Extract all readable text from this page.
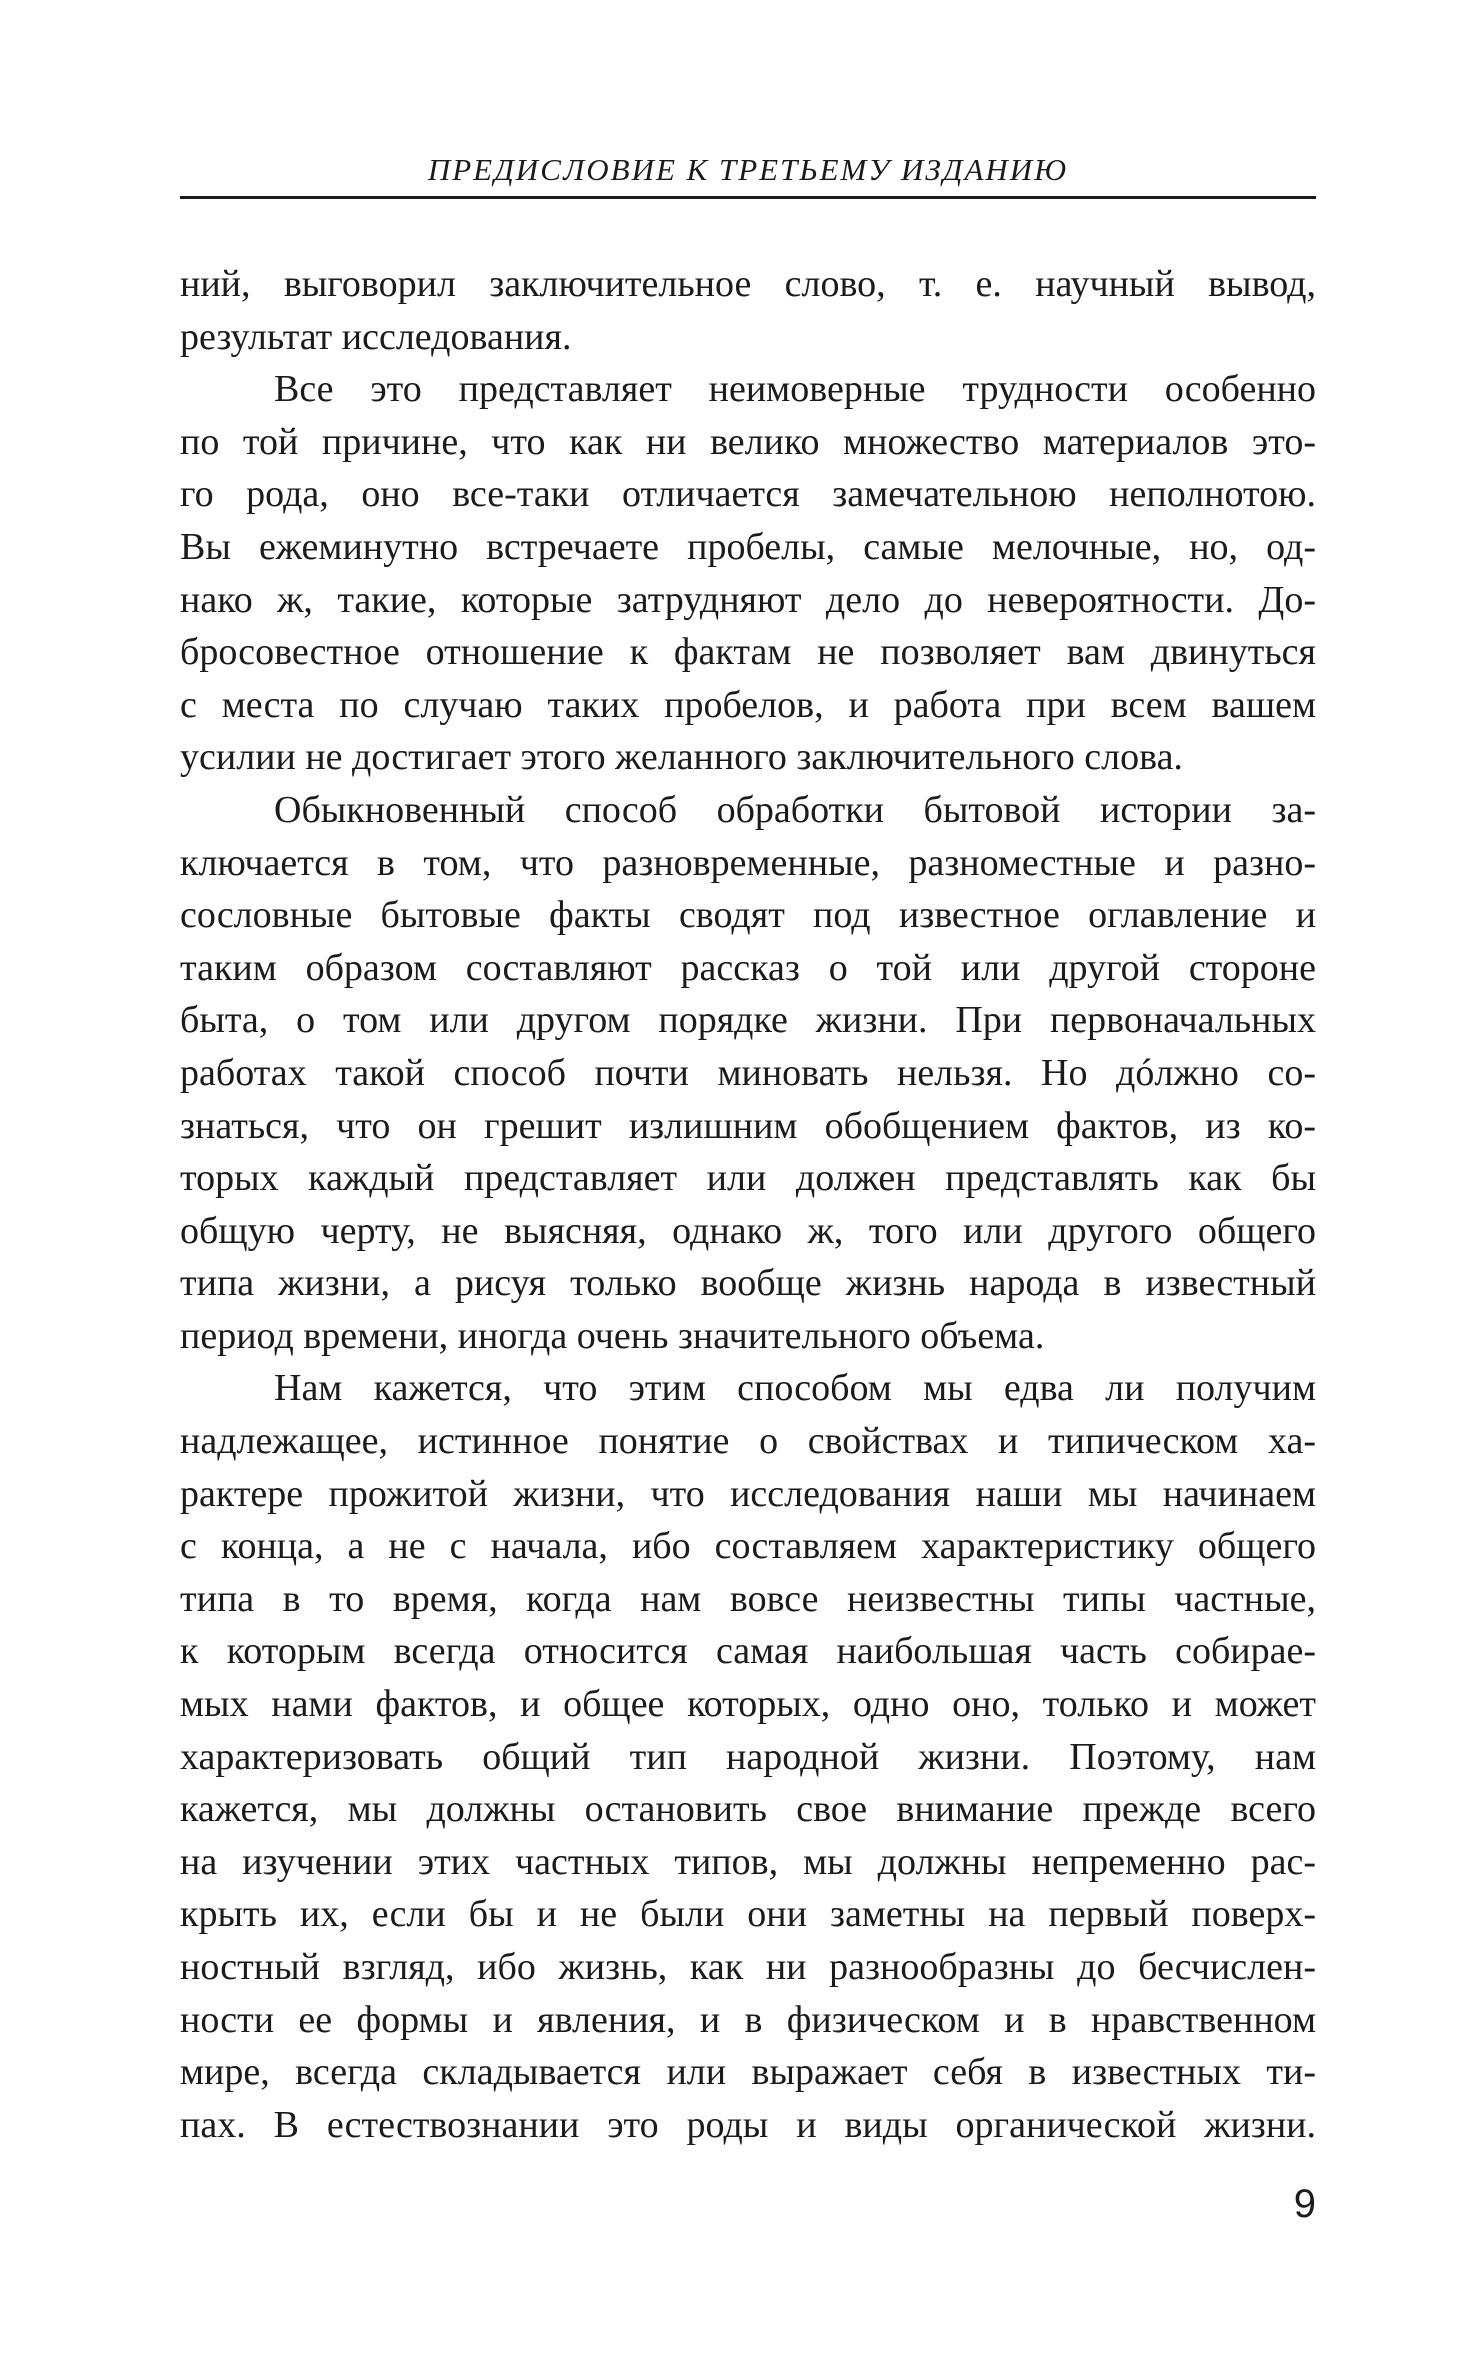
ПРЕДИСЛОВИЕ К ТРЕТЬЕМУ ИЗДАНИЮ
ний, выговорил заключительное слово, т. е. научный вывод,
результат исследования.
Все это представляет неимоверные трудности особенно
по той причине, что как ни велико множество материалов это-
го рода, оно все-таки отличается замечательною неполнотою.
Вы ежеминутно встречаете пробелы, самые мелочные, но, од-
нако ж, такие, которые затрудняют дело до невероятности. До-
бросовестное отношение к фактам не позволяет вам двинуться
с места по случаю таких пробелов, и работа при всем вашем
усилии не достигает этого желанного заключительного слова.
Обыкновенный способ обработки бытовой истории за-
ключается в том, что разновременные, разноместные и разно-
сословные бытовые факты сводят под известное оглавление и
таким образом составляют рассказ о той или другой стороне
быта, о том или другом порядке жизни. При первоначальных
работах такой способ почти миновать нельзя. Но дóлжно со-
знаться, что он грешит излишним обобщением фактов, из ко-
торых каждый представляет или должен представлять как бы
общую черту, не выясняя, однако ж, того или другого общего
типа жизни, а рисуя только вообще жизнь народа в известный
период времени, иногда очень значительного объема.
Нам кажется, что этим способом мы едва ли получим
надлежащее, истинное понятие о свойствах и типическом ха-
рактере прожитой жизни, что исследования наши мы начинаем
с конца, а не с начала, ибо составляем характеристику общего
типа в то время, когда нам вовсе неизвестны типы частные,
к которым всегда относится самая наибольшая часть собирае-
мых нами фактов, и общее которых, одно оно, только и может
характеризовать общий тип народной жизни. Поэтому, нам
кажется, мы должны остановить свое внимание прежде всего
на изучении этих частных типов, мы должны непременно рас-
крыть их, если бы и не были они заметны на первый поверх-
ностный взгляд, ибо жизнь, как ни разнообразны до бесчислен-
ности ее формы и явления, и в физическом и в нравственном
мире, всегда складывается или выражает себя в известных ти-
пах. В естествознании это роды и виды органической жизни.
9
